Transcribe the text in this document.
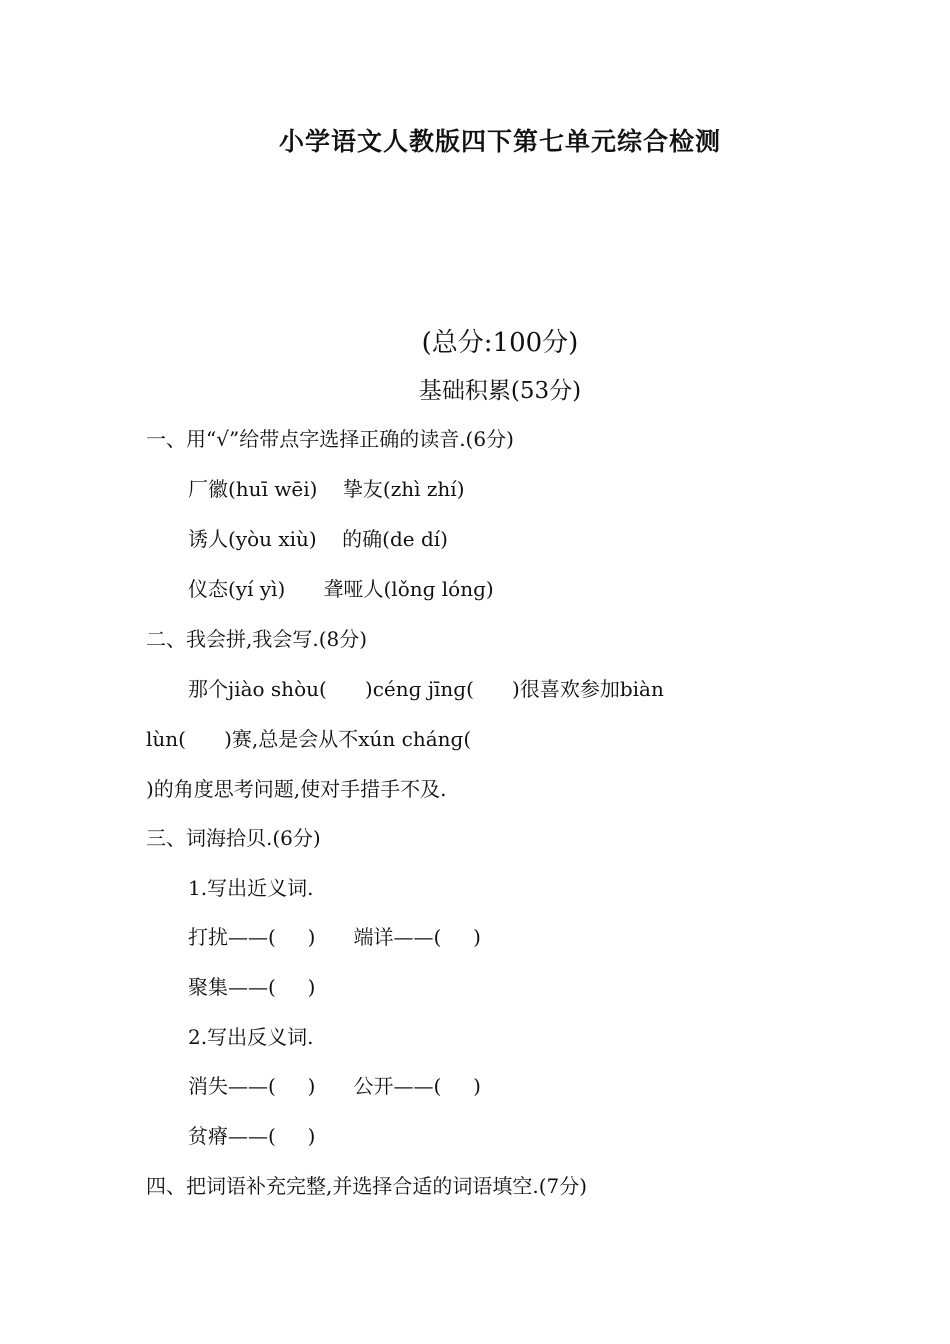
小学语文人教版四下第七单元综合检测
(总分:100分)
基础积累(53分)
一、用“√”给带点字选择正确的读音.(6分)
厂徽(huī wēi)    挚友(zhì zhí)
诱人(yòu xiù)    的确(de dí)
仪态(yí yì)      聋哑人(lǒnɡ lónɡ)
二、我会拼,我会写.(8分)
那个jiào shòu(      )cénɡ jīnɡ(      )很喜欢参加biàn
lùn(      )赛,总是会从不xún chánɡ(
)的角度思考问题,使对手措手不及.
三、词海拾贝.(6分)
1.写出近义词.
打扰——(     )      端详——(     )
聚集——(     )
2.写出反义词.
消失——(     )      公开——(     )
贫瘠——(     )
四、把词语补充完整,并选择合适的词语填空.(7分)
